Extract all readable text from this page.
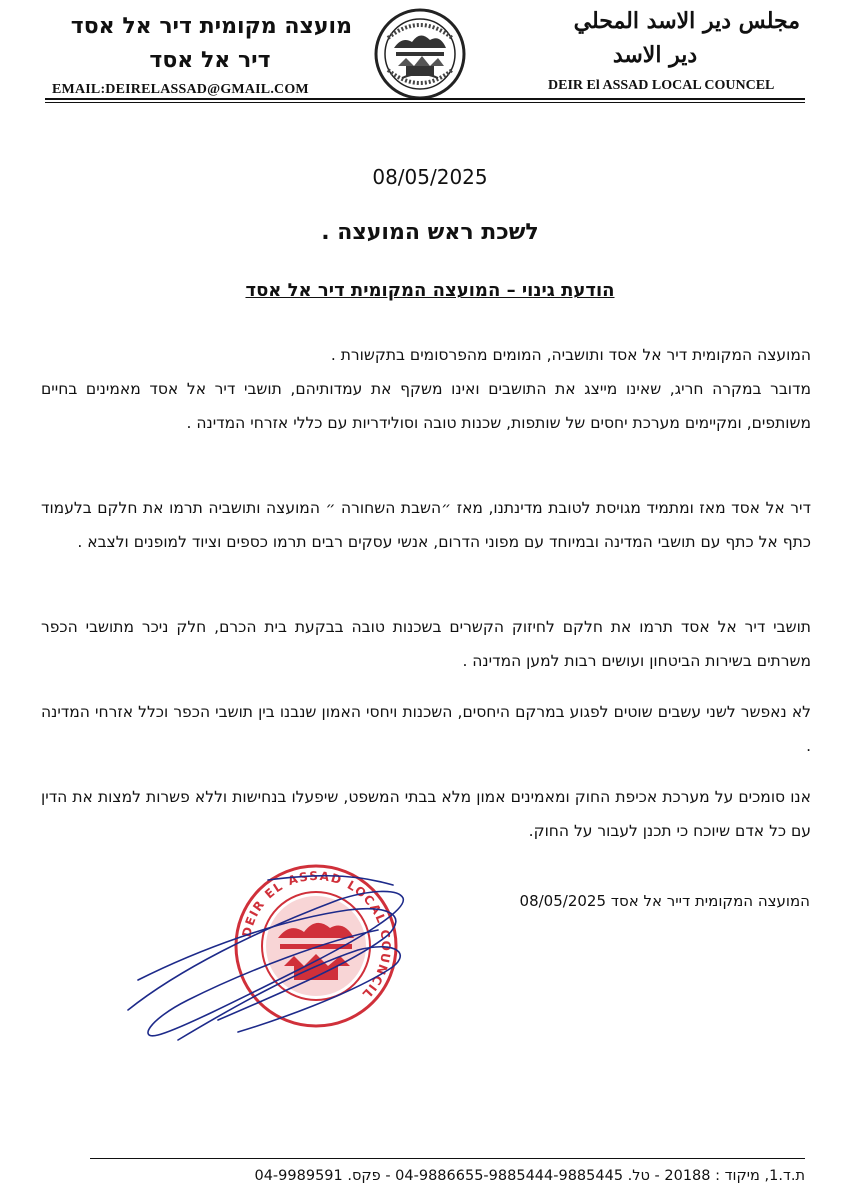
מועצה מקומית דיר אל אסד
דיר אל אסד
EMAIL:DEIRELASSAD@GMAIL.COM
مجلس دير الاسد المحلي
دير الاسد
DEIR El ASSAD LOCAL COUNCEL
08/05/2025
לשכת ראש המועצה .
הודעת גינוי – המועצה המקומית דיר אל אסד
המועצה המקומית דיר אל אסד ותושביה, המומים מהפרסומים בתקשורת .
מדובר במקרה חריג, שאינו מייצג את התושבים ואינו משקף את עמדותיהם, תושבי דיר אל אסד מאמינים בחיים משותפים, ומקיימים מערכת יחסים של שותפות, שכנות טובה וסולידריות עם כללי אזרחי המדינה .
דיר אל אסד מאז ומתמיד מגויסת לטובת מדינתנו, מאז ״השבת השחורה ״ המועצה ותושביה תרמו את חלקם בלעמוד כתף אל כתף עם תושבי המדינה ובמיוחד עם מפוני הדרום, אנשי עסקים רבים תרמו כספים וציוד למופנים ולצבא .
תושבי דיר אל אסד תרמו את חלקם לחיזוק הקשרים בשכנות טובה בבקעת בית הכרם, חלק ניכר מתושבי הכפר משרתים בשירות הביטחון ועושים רבות למען המדינה .
לא נאפשר לשני עשבים שוטים לפגוע במרקם היחסים, השכנות ויחסי האמון שנבנו בין תושבי הכפר וכלל אזרחי המדינה .
אנו סומכים על מערכת אכיפת החוק ומאמינים אמון מלא בבתי המשפט, שיפעלו בנחישות וללא פשרות למצות את הדין עם כל אדם שיוכח כי תכנן לעבור על החוק.
המועצה המקומית דייר אל אסד 08/05/2025
DEIR EL ASSAD LOCAL COUNCIL
ת.ד.1, מיקוד : 20188 - טל. 04-9886655-9885444-9885445 - פקס. 04-9989591
